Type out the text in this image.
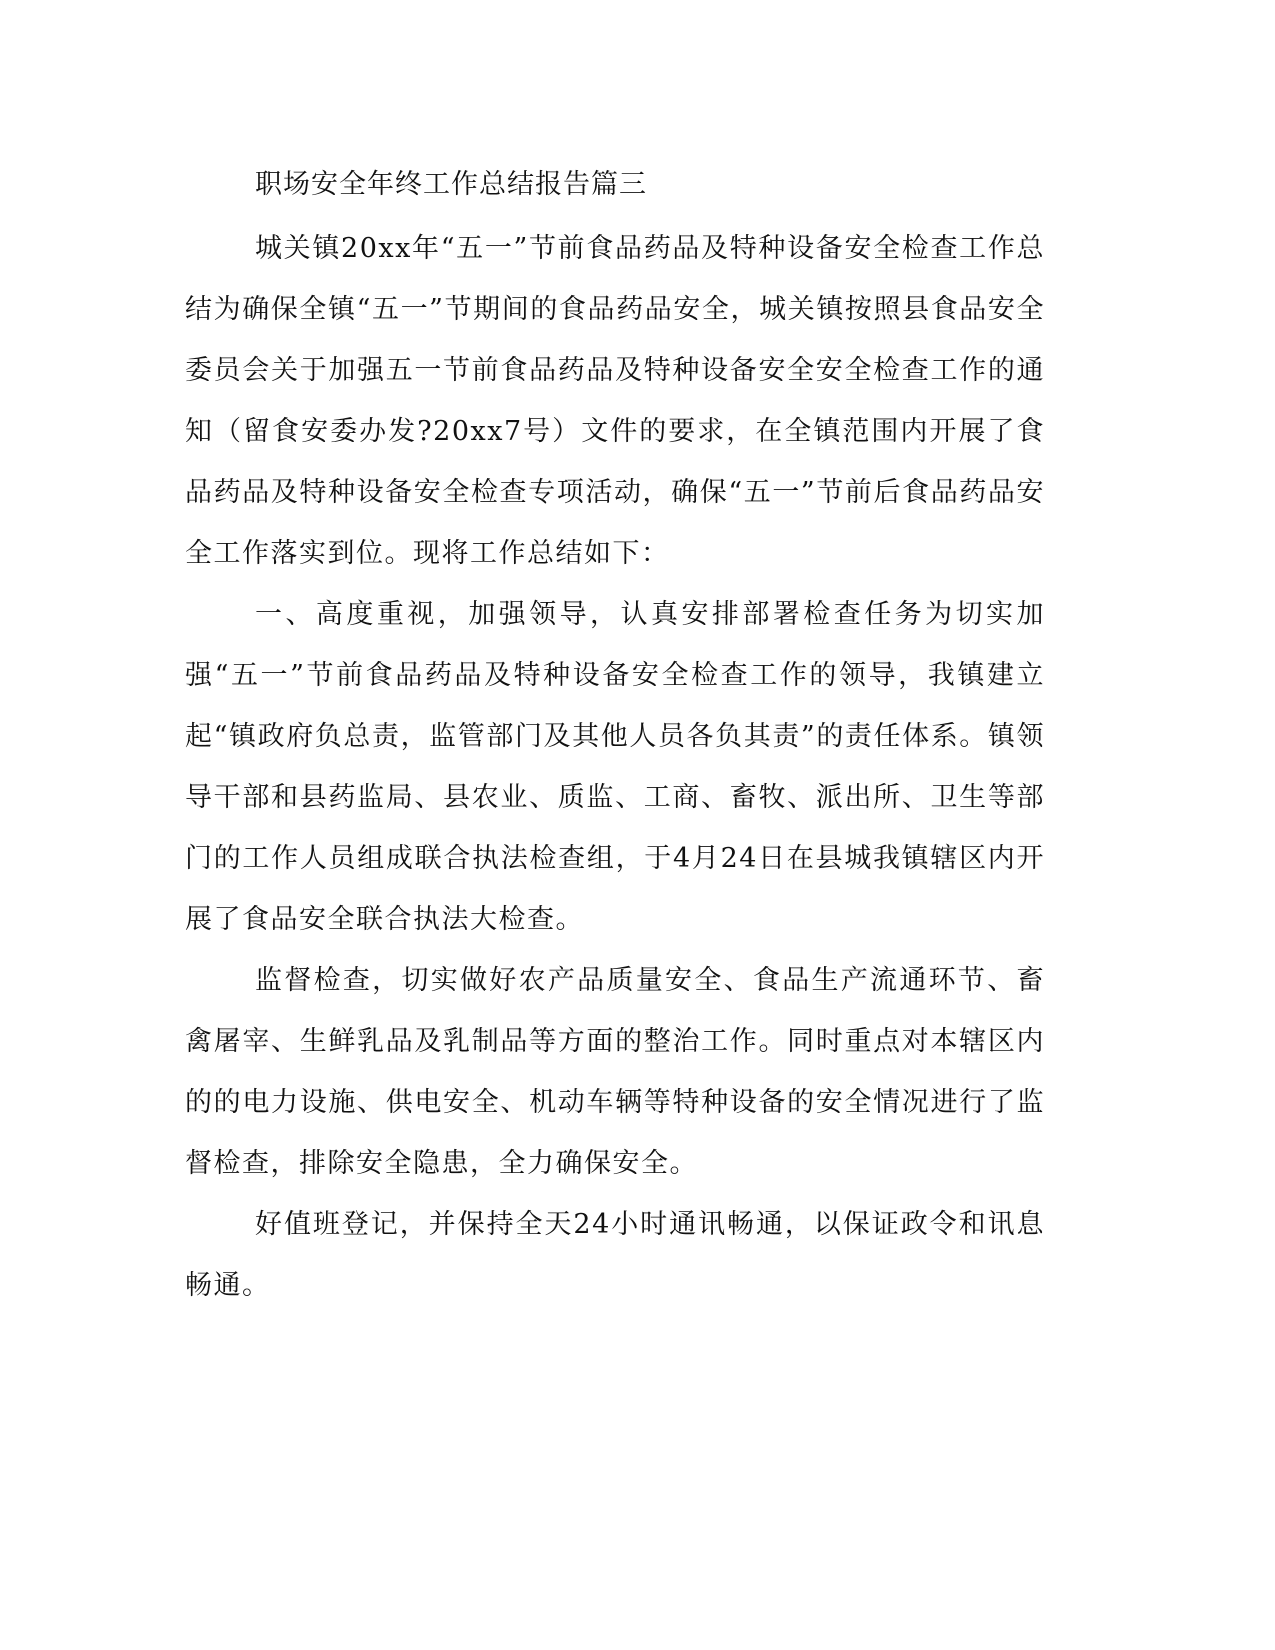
职场安全年终工作总结报告篇三

城关镇20xx年“五一”节前食品药品及特种设备安全检查工作总结为确保全镇“五一”节期间的食品药品安全，城关镇按照县食品安全委员会关于加强五一节前食品药品及特种设备安全安全检查工作的通知（留食安委办发?20xx7号）文件的要求，在全镇范围内开展了食品药品及特种设备安全检查专项活动，确保“五一”节前后食品药品安全工作落实到位。现将工作总结如下：

一、高度重视，加强领导，认真安排部署检查任务为切实加强“五一”节前食品药品及特种设备安全检查工作的领导，我镇建立起“镇政府负总责，监管部门及其他人员各负其责”的责任体系。镇领导干部和县药监局、县农业、质监、工商、畜牧、派出所、卫生等部门的工作人员组成联合执法检查组，于4月24日在县城我镇辖区内开展了食品安全联合执法大检查。

监督检查，切实做好农产品质量安全、食品生产流通环节、畜禽屠宰、生鲜乳品及乳制品等方面的整治工作。同时重点对本辖区内的的电力设施、供电安全、机动车辆等特种设备的安全情况进行了监督检查，排除安全隐患，全力确保安全。

好值班登记，并保持全天24小时通讯畅通，以保证政令和讯息畅通。
